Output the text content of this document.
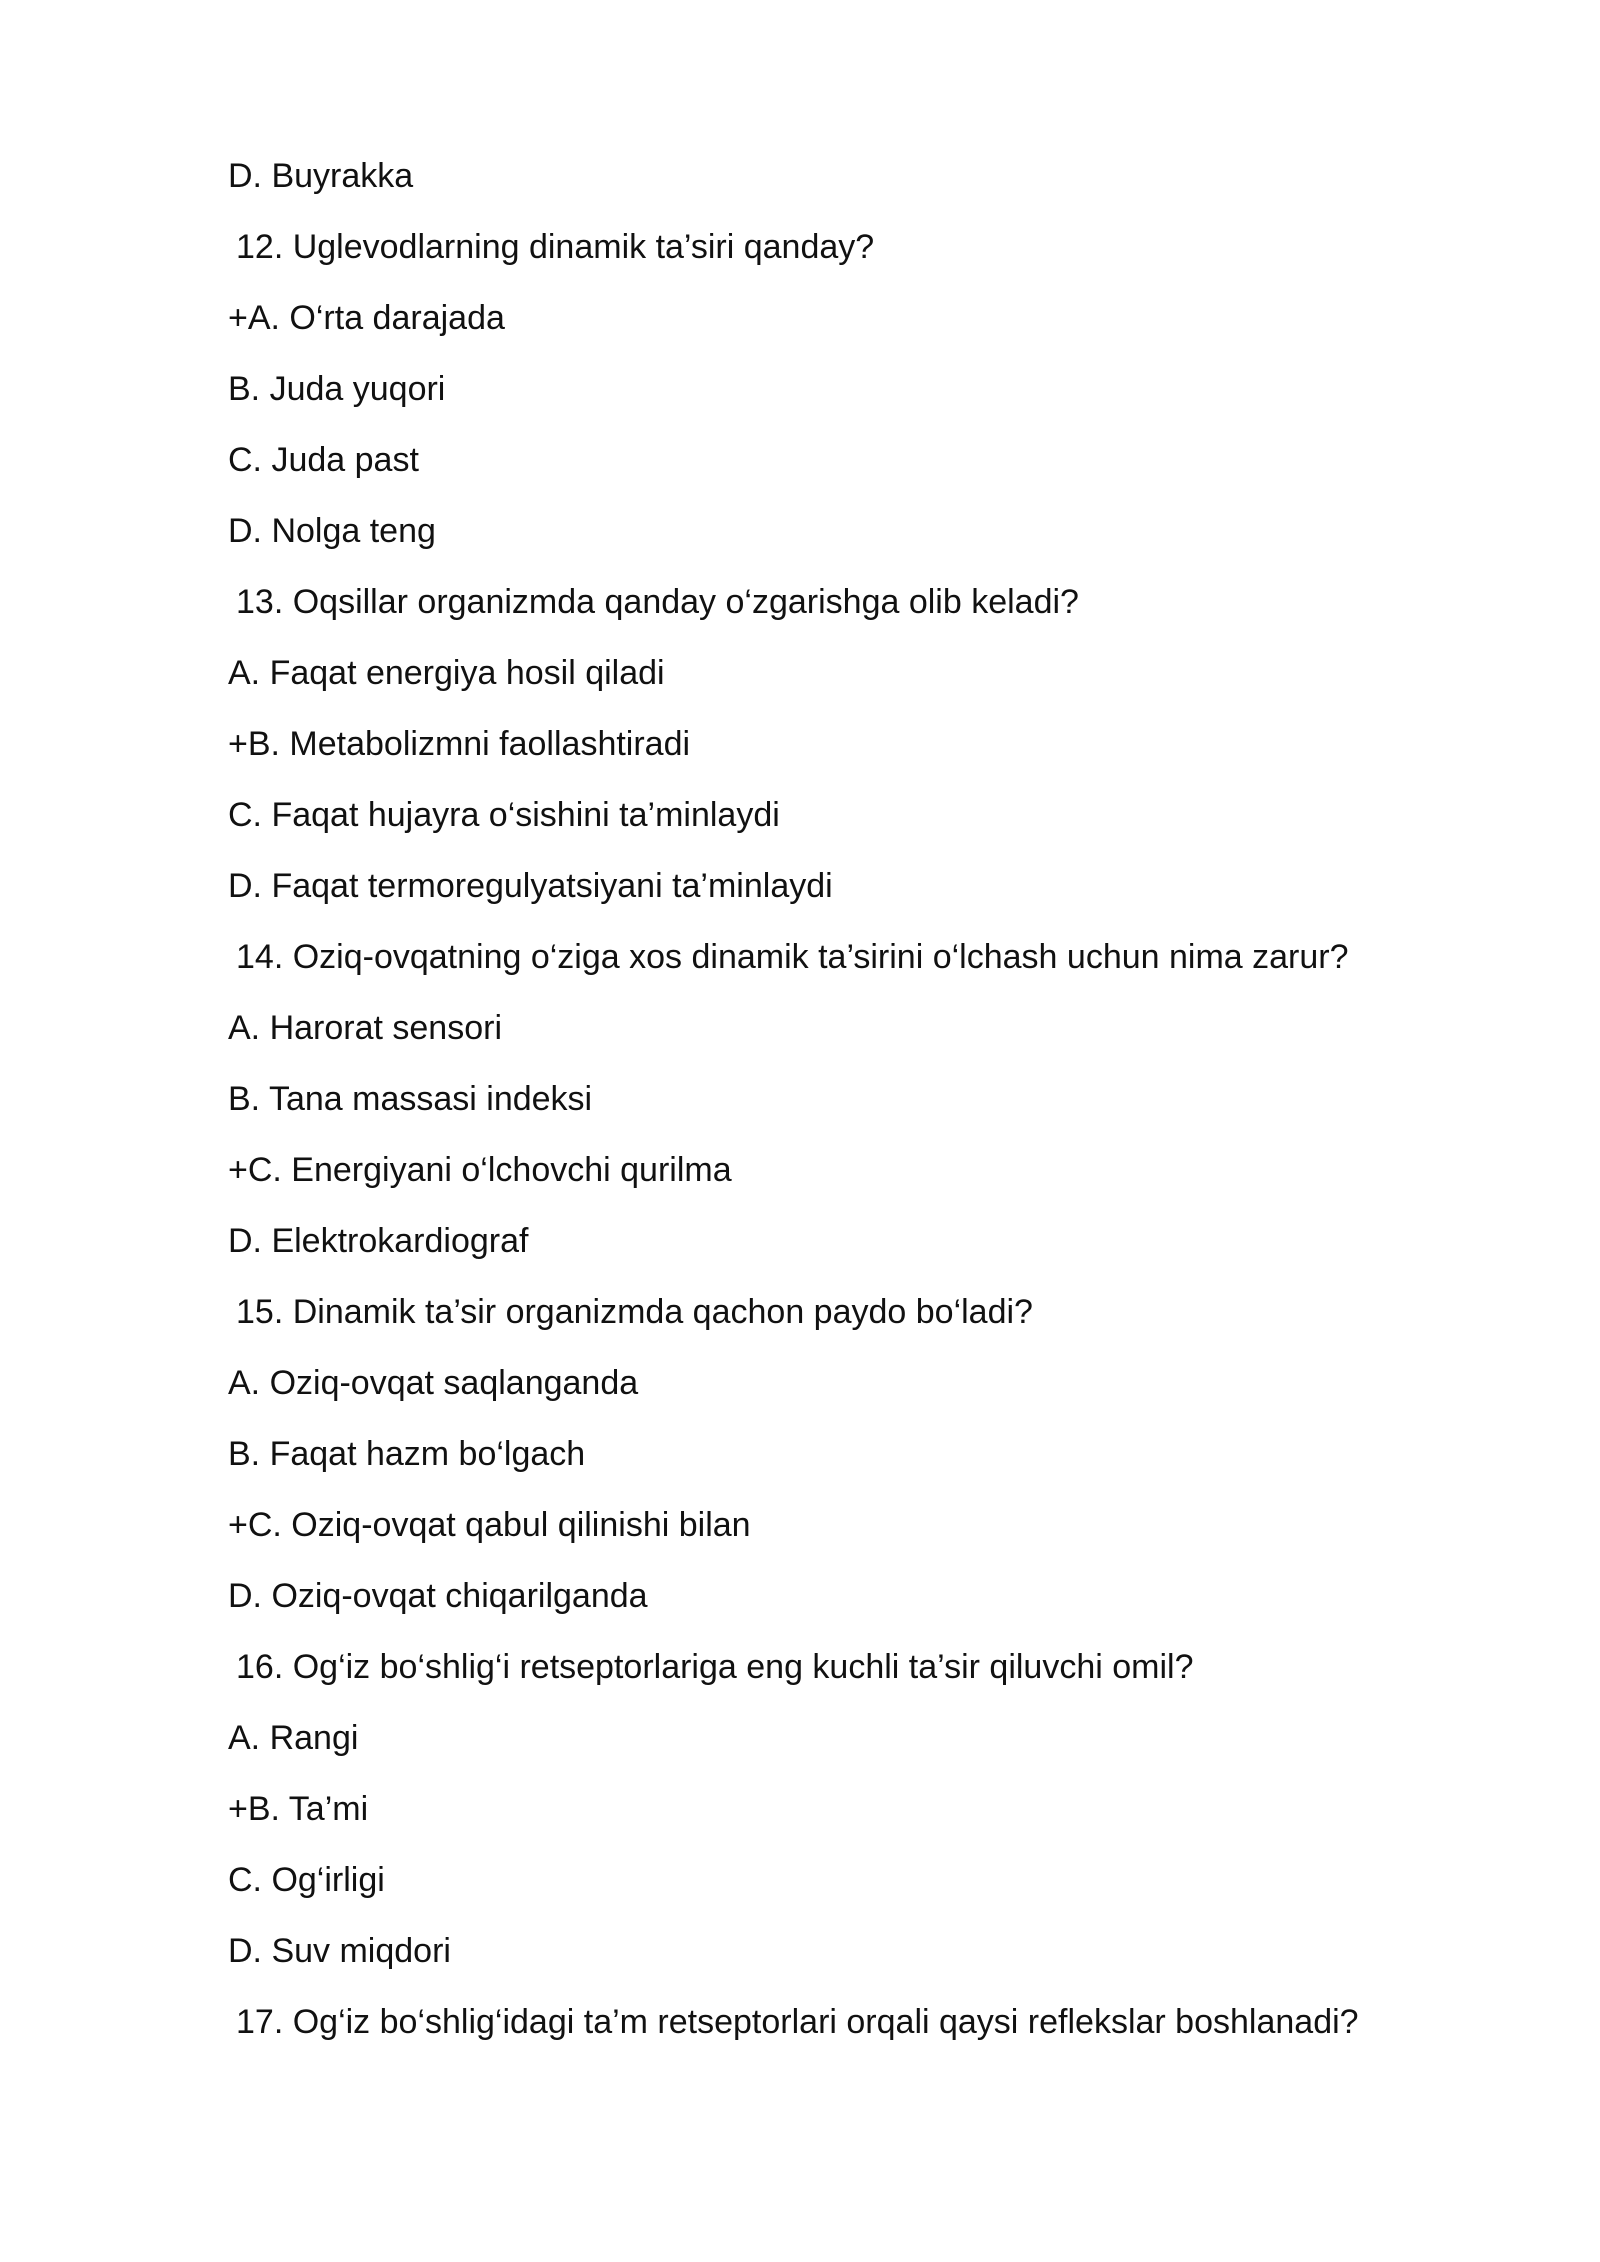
D. Buyrakka
12. Uglevodlarning dinamik ta’siri qanday?
+A. O‘rta darajada
B. Juda yuqori
C. Juda past
D. Nolga teng
13. Oqsillar organizmda qanday o‘zgarishga olib keladi?
A. Faqat energiya hosil qiladi
+B. Metabolizmni faollashtiradi
C. Faqat hujayra o‘sishini ta’minlaydi
D. Faqat termoregulyatsiyani ta’minlaydi
14. Oziq-ovqatning o‘ziga xos dinamik ta’sirini o‘lchash uchun nima zarur?
A. Harorat sensori
B. Tana massasi indeksi
+C. Energiyani o‘lchovchi qurilma
D. Elektrokardiograf
15. Dinamik ta’sir organizmda qachon paydo bo‘ladi?
A. Oziq-ovqat saqlanganda
B. Faqat hazm bo‘lgach
+C. Oziq-ovqat qabul qilinishi bilan
D. Oziq-ovqat chiqarilganda
16. Og‘iz bo‘shlig‘i retseptorlariga eng kuchli ta’sir qiluvchi omil?
A. Rangi
+B. Ta’mi
C. Og‘irligi
D. Suv miqdori
17. Og‘iz bo‘shlig‘idagi ta’m retseptorlari orqali qaysi reflekslar boshlanadi?
